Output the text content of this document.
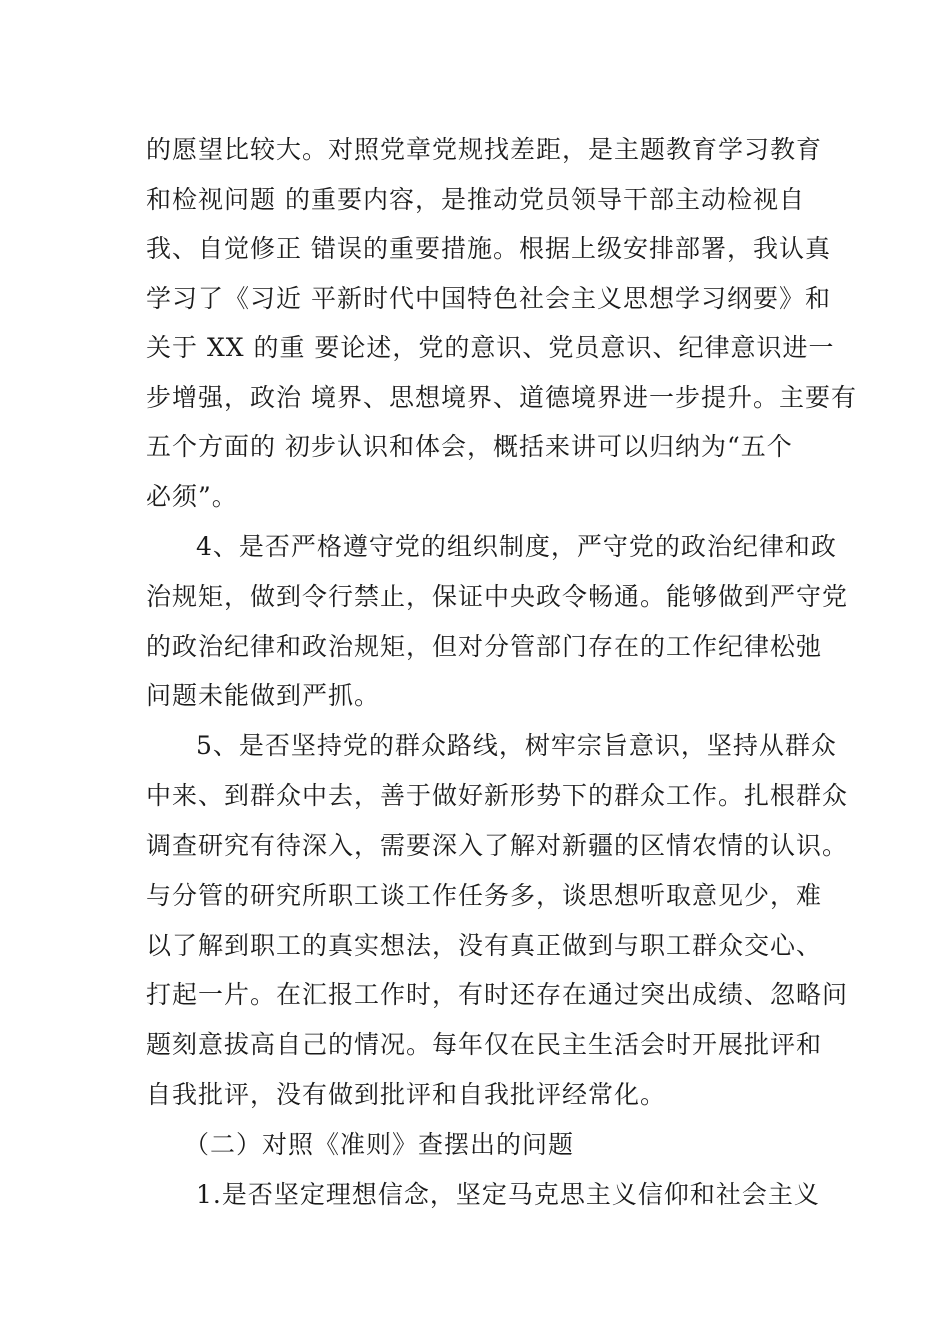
的愿望比较大。对照党章党规找差距，是主题教育学习教育
和检视问题 的重要内容，是推动党员领导干部主动检视自
我、自觉修正 错误的重要措施。根据上级安排部署，我认真
学习了《习近 平新时代中国特色社会主义思想学习纲要》和
关于 XX 的重 要论述，党的意识、党员意识、纪律意识进一
步增强，政治 境界、思想境界、道德境界进一步提升。主要有
五个方面的 初步认识和体会，概括来讲可以归纳为“五个
必须”。
4、是否严格遵守党的组织制度，严守党的政治纪律和政
治规矩，做到令行禁止，保证中央政令畅通。能够做到严守党
的政治纪律和政治规矩，但对分管部门存在的工作纪律松弛
问题未能做到严抓。
5、是否坚持党的群众路线，树牢宗旨意识，坚持从群众
中来、到群众中去，善于做好新形势下的群众工作。扎根群众
调查研究有待深入，需要深入了解对新疆的区情农情的认识。
与分管的研究所职工谈工作任务多，谈思想听取意见少，难
以了解到职工的真实想法，没有真正做到与职工群众交心、
打起一片。在汇报工作时，有时还存在通过突出成绩、忽略问
题刻意拔高自己的情况。每年仅在民主生活会时开展批评和
自我批评，没有做到批评和自我批评经常化。
（二）对照《准则》查摆出的问题
1.是否坚定理想信念，坚定马克思主义信仰和社会主义
